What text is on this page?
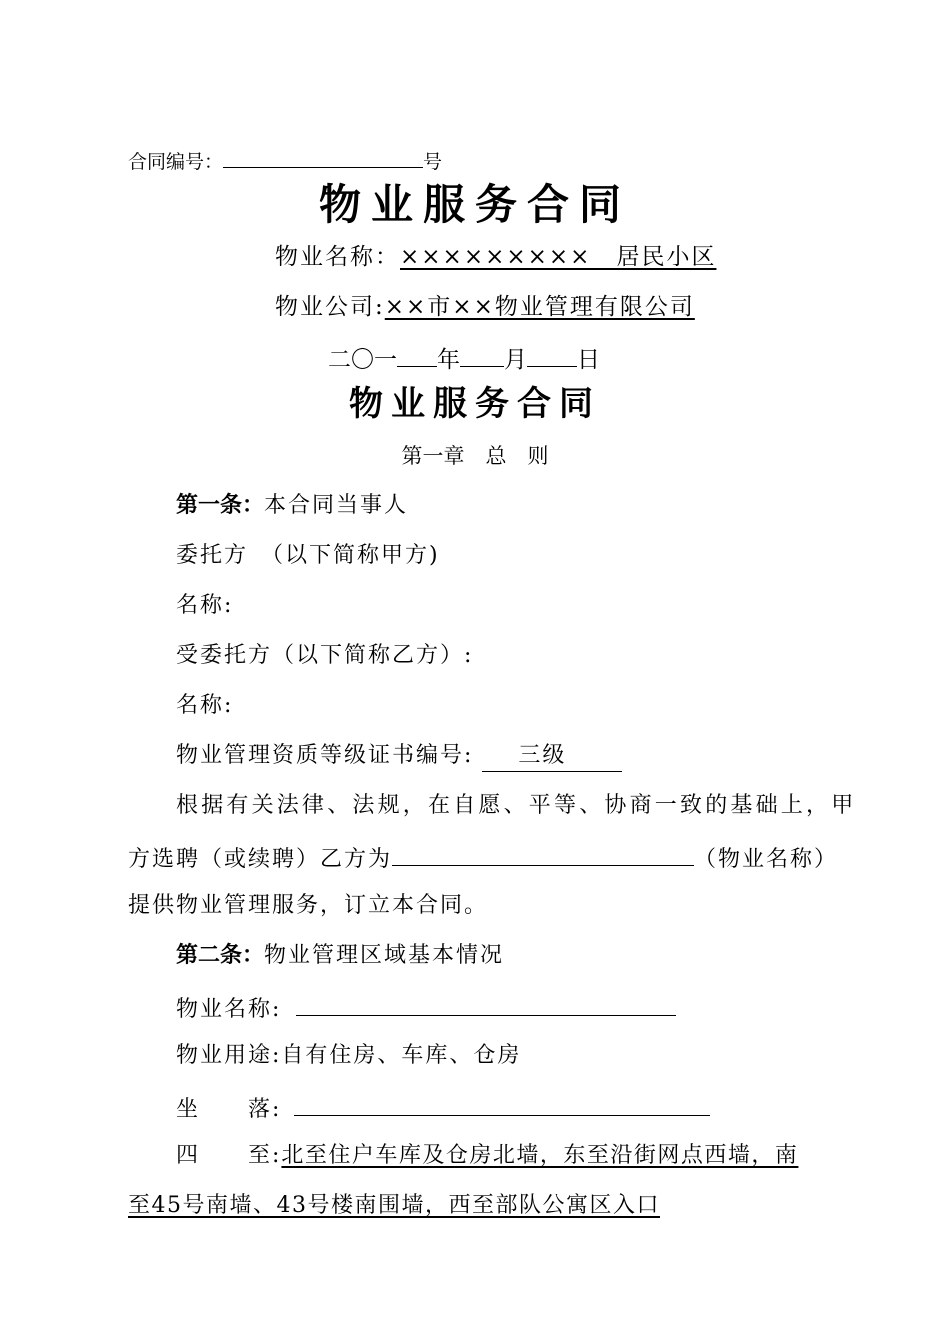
合同编号：	号
物业服务合同
物业名称：×××××××××　居民小区
物业公司:××市××物业管理有限公司
二〇一 年 月 日
物业服务合同
第一章　总　则
第一条：本合同当事人
委托方　（以下简称甲方)
名称:
受委托方（以下简称乙方）:
名称:
物业管理资质等级证书编号: 三级
根据有关法律、法规，在自愿、平等、协商一致的基础上，甲
方选聘（或续聘）乙方为	（物业名称）
提供物业管理服务，订立本合同。
第二条：物业管理区域基本情况
物业名称:
物业用途:自有住房、车库、仓房
坐　　落:
四　　至:北至住户车库及仓房北墙，东至沿街网点西墙，南
至45号南墙、43号楼南围墙，西至部队公寓区入口
